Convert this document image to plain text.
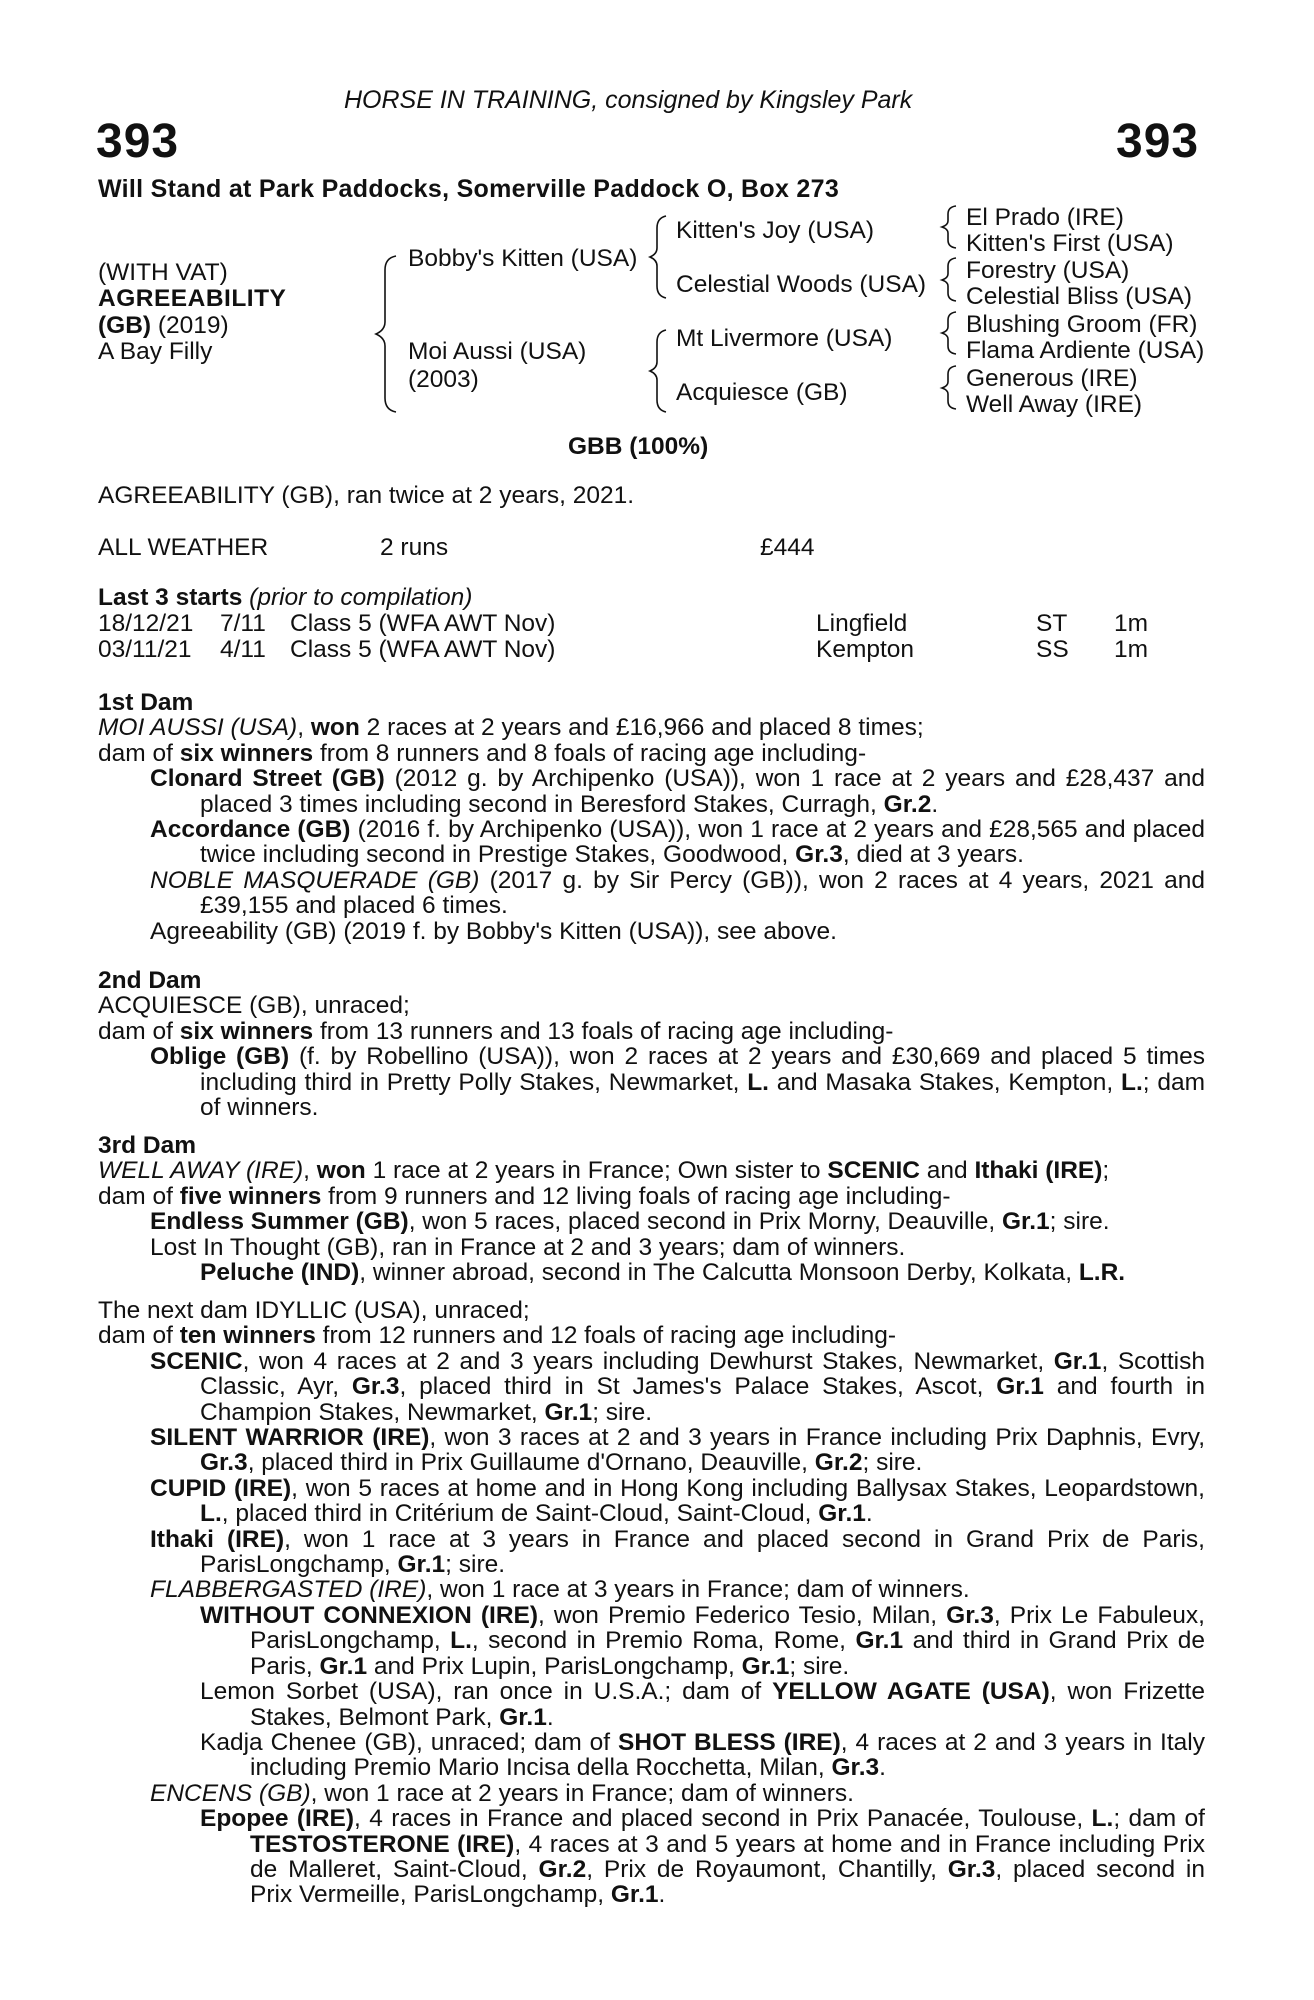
HORSE IN TRAINING, consigned by Kingsley Park
393	393
Will Stand at Park Paddocks, Somerville Paddock O, Box 273
(WITH VAT)
AGREEABILITY
(GB) (2019)
A Bay Filly
Bobby's Kitten (USA)
Moi Aussi (USA)
(2003)
Kitten's Joy (USA)
Celestial Woods (USA)
Mt Livermore (USA)
Acquiesce (GB)
El Prado (IRE)
Kitten's First (USA)
Forestry (USA)
Celestial Bliss (USA)
Blushing Groom (FR)
Flama Ardiente (USA)
Generous (IRE)
Well Away (IRE)
GBB (100%)
AGREEABILITY (GB), ran twice at 2 years, 2021.
ALL WEATHER	2 runs	£444
Last 3 starts (prior to compilation)
18/12/21 7/11 Class 5 (WFA AWT Nov)	Lingfield	ST 1m
03/11/21 4/11 Class 5 (WFA AWT Nov)	Kempton	SS 1m

1st Dam

MOI AUSSI (USA), won 2 races at 2 years and £16,966 and placed 8 times;

dam of six winners from 8 runners and 8 foals of racing age including-

Clonard Street (GB) (2012 g. by Archipenko (USA)), won 1 race at 2 years and £28,437 and placed 3 times including second in Beresford Stakes, Curragh, Gr.2.

Accordance (GB) (2016 f. by Archipenko (USA)), won 1 race at 2 years and £28,565 and placed twice including second in Prestige Stakes, Goodwood, Gr.3, died at 3 years.

NOBLE MASQUERADE (GB) (2017 g. by Sir Percy (GB)), won 2 races at 4 years, 2021 and £39,155 and placed 6 times.

Agreeability (GB) (2019 f. by Bobby's Kitten (USA)), see above.

2nd Dam

ACQUIESCE (GB), unraced;

dam of six winners from 13 runners and 13 foals of racing age including-

Oblige (GB) (f. by Robellino (USA)), won 2 races at 2 years and £30,669 and placed 5 times including third in Pretty Polly Stakes, Newmarket, L. and Masaka Stakes, Kempton, L.; dam of winners.

3rd Dam

WELL AWAY (IRE), won 1 race at 2 years in France; Own sister to SCENIC and Ithaki (IRE);

dam of five winners from 9 runners and 12 living foals of racing age including-

Endless Summer (GB), won 5 races, placed second in Prix Morny, Deauville, Gr.1; sire.

Lost In Thought (GB), ran in France at 2 and 3 years; dam of winners.

Peluche (IND), winner abroad, second in The Calcutta Monsoon Derby, Kolkata, L.R.

The next dam IDYLLIC (USA), unraced;

dam of ten winners from 12 runners and 12 foals of racing age including-

SCENIC, won 4 races at 2 and 3 years including Dewhurst Stakes, Newmarket, Gr.1, Scottish Classic, Ayr, Gr.3, placed third in St James's Palace Stakes, Ascot, Gr.1 and fourth in Champion Stakes, Newmarket, Gr.1; sire.

SILENT WARRIOR (IRE), won 3 races at 2 and 3 years in France including Prix Daphnis, Evry, Gr.3, placed third in Prix Guillaume d'Ornano, Deauville, Gr.2; sire.

CUPID (IRE), won 5 races at home and in Hong Kong including Ballysax Stakes, Leopardstown, L., placed third in Critérium de Saint-Cloud, Saint-Cloud, Gr.1.

Ithaki (IRE), won 1 race at 3 years in France and placed second in Grand Prix de Paris, ParisLongchamp, Gr.1; sire.

FLABBERGASTED (IRE), won 1 race at 3 years in France; dam of winners.

WITHOUT CONNEXION (IRE), won Premio Federico Tesio, Milan, Gr.3, Prix Le Fabuleux, ParisLongchamp, L., second in Premio Roma, Rome, Gr.1 and third in Grand Prix de Paris, Gr.1 and Prix Lupin, ParisLongchamp, Gr.1; sire.

Lemon Sorbet (USA), ran once in U.S.A.; dam of YELLOW AGATE (USA), won Frizette Stakes, Belmont Park, Gr.1.

Kadja Chenee (GB), unraced; dam of SHOT BLESS (IRE), 4 races at 2 and 3 years in Italy including Premio Mario Incisa della Rocchetta, Milan, Gr.3.

ENCENS (GB), won 1 race at 2 years in France; dam of winners.

Epopee (IRE), 4 races in France and placed second in Prix Panacée, Toulouse, L.; dam of TESTOSTERONE (IRE), 4 races at 3 and 5 years at home and in France including Prix de Malleret, Saint-Cloud, Gr.2, Prix de Royaumont, Chantilly, Gr.3, placed second in Prix Vermeille, ParisLongchamp, Gr.1.
